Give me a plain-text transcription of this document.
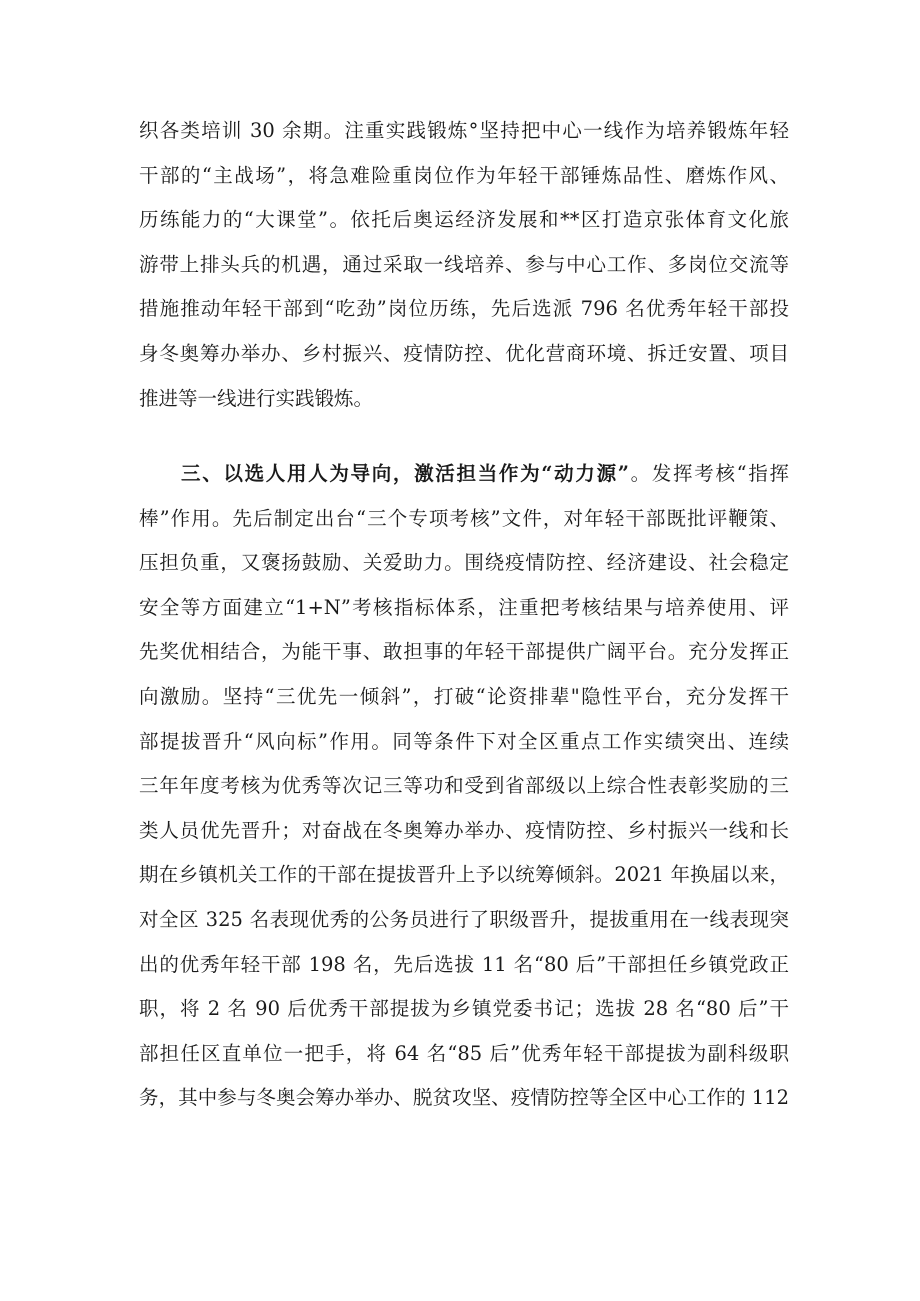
织各类培训 30 余期。注重实践锻炼°坚持把中心一线作为培养锻炼年轻
干部的“主战场”，将急难险重岗位作为年轻干部锤炼品性、磨炼作风、
历练能力的“大课堂”。依托后奥运经济发展和**区打造京张体育文化旅
游带上排头兵的机遇，通过采取一线培养、参与中心工作、多岗位交流等
措施推动年轻干部到“吃劲”岗位历练，先后选派 796 名优秀年轻干部投
身冬奥筹办举办、乡村振兴、疫情防控、优化营商环境、拆迁安置、项目
推进等一线进行实践锻炼。
三、以选人用人为导向，激活担当作为“动力源”。发挥考核“指挥
棒”作用。先后制定出台“三个专项考核”文件，对年轻干部既批评鞭策、
压担负重，又褒扬鼓励、关爱助力。围绕疫情防控、经济建设、社会稳定
安全等方面建立“1+N”考核指标体系，注重把考核结果与培养使用、评
先奖优相结合，为能干事、敢担事的年轻干部提供广阔平台。充分发挥正
向激励。坚持“三优先一倾斜”，打破“论资排辈"隐性平台，充分发挥干
部提拔晋升“风向标”作用。同等条件下对全区重点工作实绩突出、连续
三年年度考核为优秀等次记三等功和受到省部级以上综合性表彰奖励的三
类人员优先晋升；对奋战在冬奥筹办举办、疫情防控、乡村振兴一线和长
期在乡镇机关工作的干部在提拔晋升上予以统筹倾斜。2021 年换届以来，
对全区 325 名表现优秀的公务员进行了职级晋升，提拔重用在一线表现突
出的优秀年轻干部 198 名，先后选拔 11 名“80 后”干部担任乡镇党政正
职，将 2 名 90 后优秀干部提拔为乡镇党委书记；选拔 28 名“80 后”干
部担任区直单位一把手，将 64 名“85 后”优秀年轻干部提拔为副科级职
务，其中参与冬奥会筹办举办、脱贫攻坚、疫情防控等全区中心工作的 112
